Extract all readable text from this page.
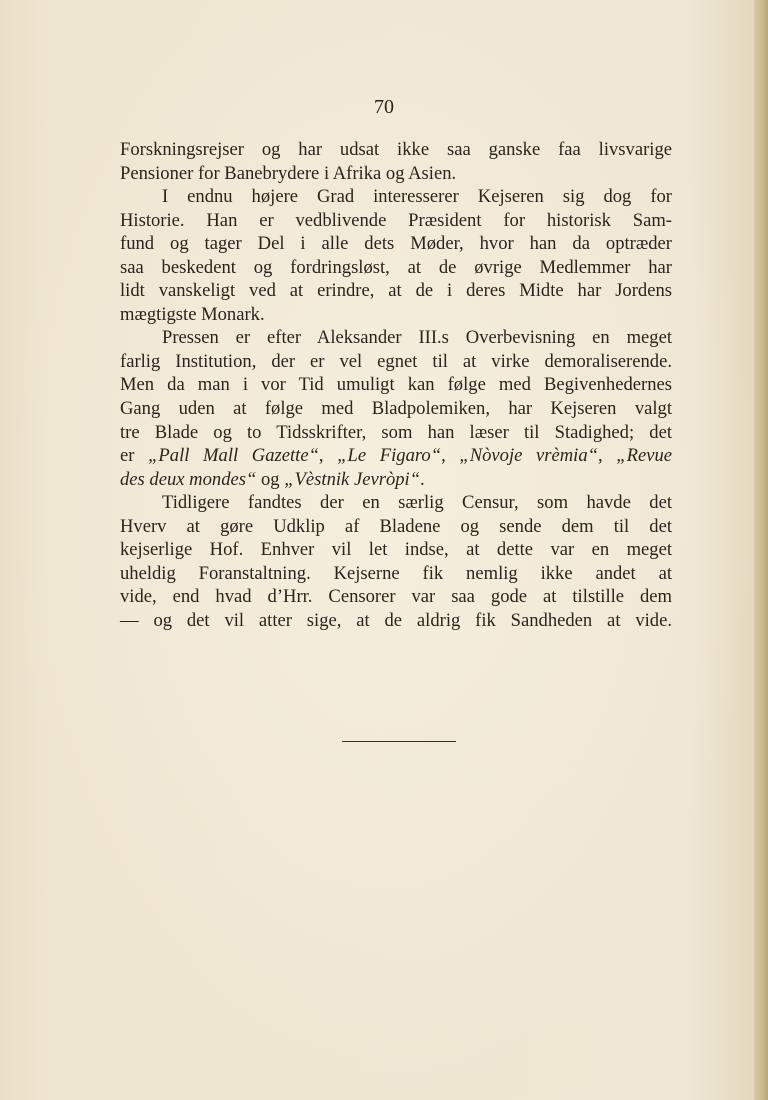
70
Forskningsrejser og har udsat ikke saa ganske faa livsvarige
Pensioner for Banebrydere i Afrika og Asien.
I endnu højere Grad interesserer Kejseren sig dog for
Historie. Han er vedblivende Præsident for historisk Sam-
fund og tager Del i alle dets Møder, hvor han da optræder
saa beskedent og fordringsløst, at de øvrige Medlemmer har
lidt vanskeligt ved at erindre, at de i deres Midte har Jordens
mægtigste Monark.
Pressen er efter Aleksander III.s Overbevisning en meget
farlig Institution, der er vel egnet til at virke demoraliserende.
Men da man i vor Tid umuligt kan følge med Begivenhedernes
Gang uden at følge med Bladpolemiken, har Kejseren valgt
tre Blade og to Tidsskrifter, som han læser til Stadighed; det
er „Pall Mall Gazette“, „Le Figaro“, „Nòvoje vrèmia“, „Revue
des deux mondes“ og „Vèstnik Jevròpi“.
Tidligere fandtes der en særlig Censur, som havde det
Hverv at gøre Udklip af Bladene og sende dem til det
kejserlige Hof. Enhver vil let indse, at dette var en meget
uheldig Foranstaltning. Kejserne fik nemlig ikke andet at
vide, end hvad d’Hrr. Censorer var saa gode at tilstille dem
— og det vil atter sige, at de aldrig fik Sandheden at vide.
